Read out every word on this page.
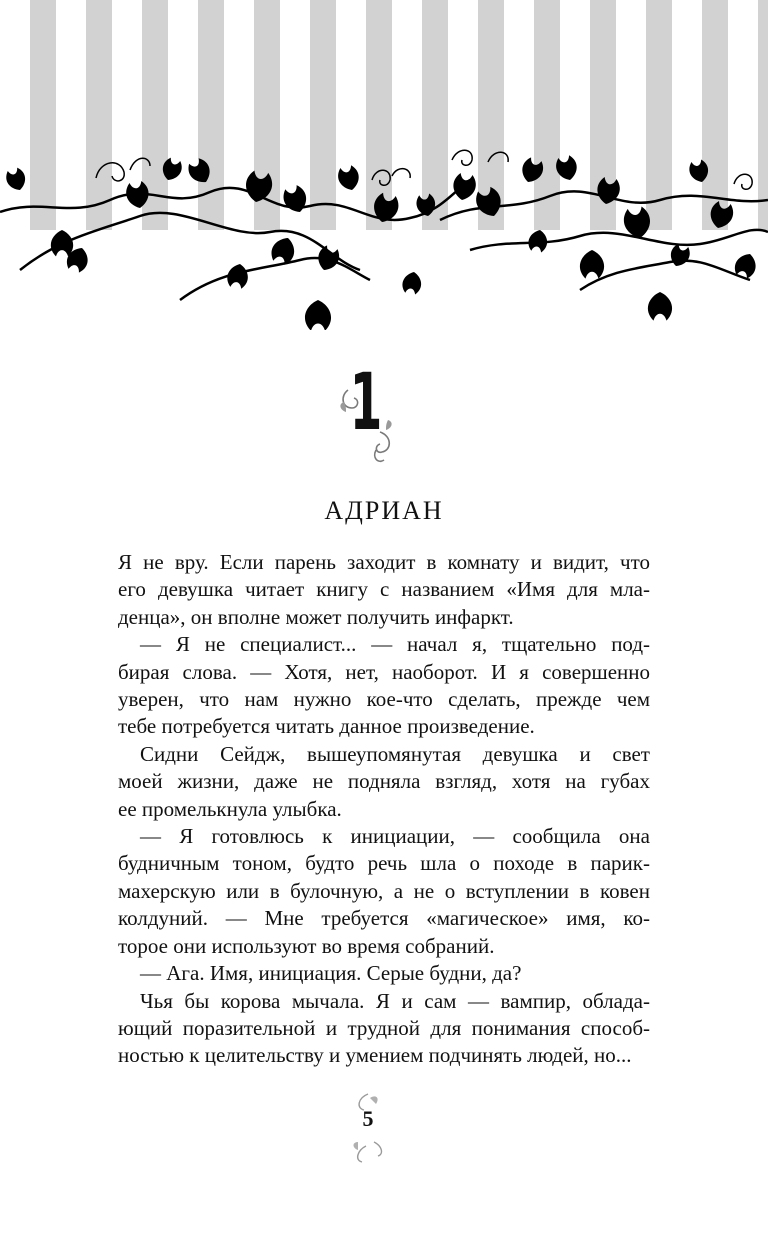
1
АДРИАН

Я не вру. Если парень заходит в комнату и видит, что

его девушка читает книгу с названием «Имя для мла-

денца», он вполне может получить инфаркт.

— Я не специалист... — начал я, тщательно под-

бирая слова. — Хотя, нет, наоборот. И я совершенно

уверен, что нам нужно кое-что сделать, прежде чем

тебе потребуется читать данное произведение.

Сидни Сейдж, вышеупомянутая девушка и свет

моей жизни, даже не подняла взгляд, хотя на губах

ее промелькнула улыбка.

— Я готовлюсь к инициации, — сообщила она

будничным тоном, будто речь шла о походе в парик-

махерскую или в булочную, а не о вступлении в ковен

колдуний. — Мне требуется «магическое» имя, ко-

торое они используют во время собраний.

— Ага. Имя, инициация. Серые будни, да?

Чья бы корова мычала. Я и сам — вампир, облада-

ющий поразительной и трудной для понимания способ-

ностью к целительству и умением подчинять людей, но...

5
